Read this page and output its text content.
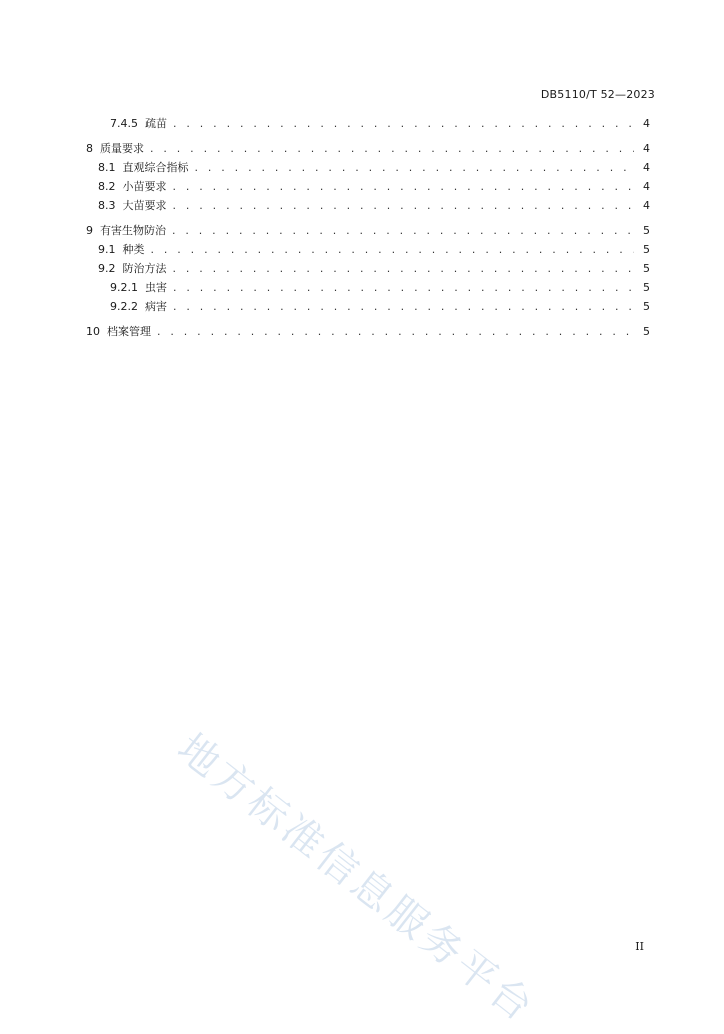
DB5110/T 52—2023
7.4.5 疏苗 . . .	4
8 质量要求 . . .	4
8.1 直观综合指标 . . .	4
8.2 小苗要求 . . .	4
8.3 大苗要求 . . .	4
9 有害生物防治 . . .	5
9.1 种类 . . .	5
9.2 防治方法 . . .	5
9.2.1 虫害 . . .	5
9.2.2 病害 . . .	5
10 档案管理 . . .	5
地方标准信息服务平台	II
